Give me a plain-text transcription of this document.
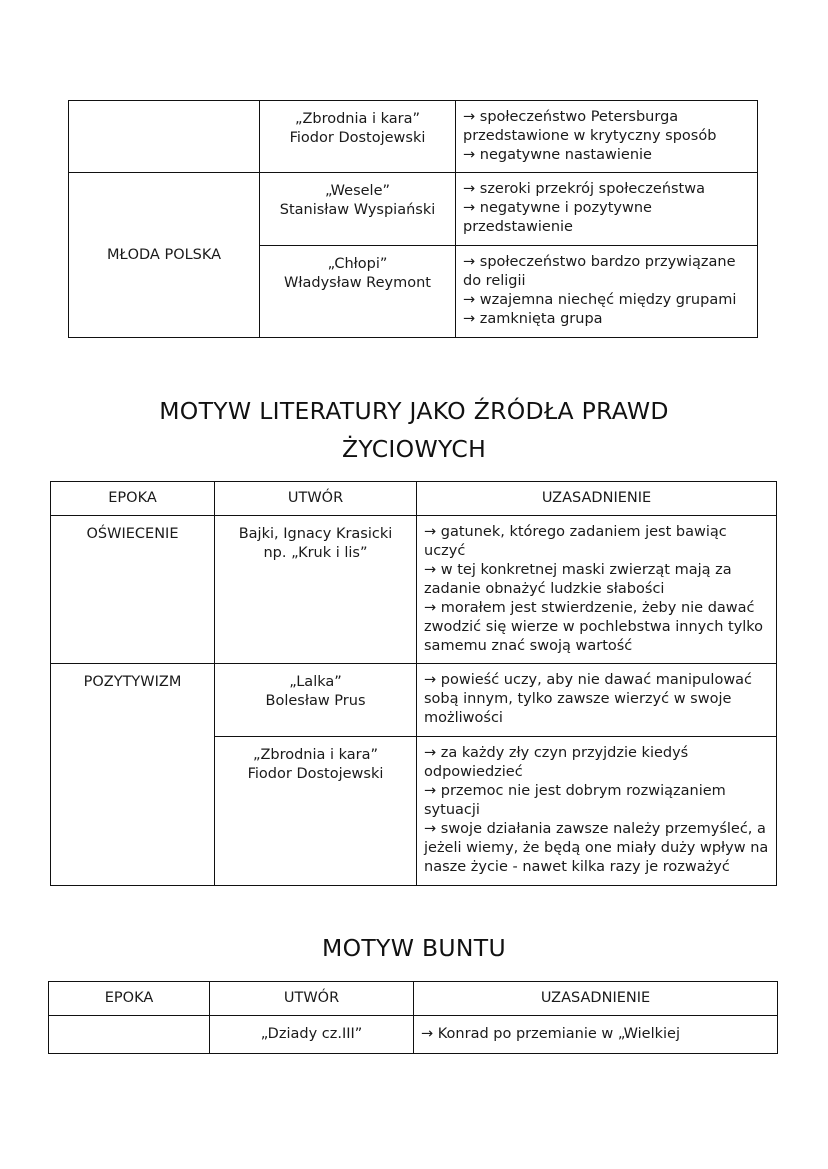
	„Zbrodnia i kara”
Fiodor Dostojewski	→ społeczeństwo Petersburga przedstawione w krytyczny sposób
→ negatywne nastawienie

MŁODA POLSKA	„Wesele”
Stanisław Wyspiański	→ szeroki przekrój społeczeństwa
→ negatywne i pozytywne przedstawienie

	„Chłopi”
Władysław Reymont	→ społeczeństwo bardzo przywiązane do religii
→ wzajemna niechęć między grupami
→ zamknięta grupa
MOTYW LITERATURY JAKO ŹRÓDŁA PRAWD
ŻYCIOWYCH
EPOKA	UTWÓR	UZASADNIENIE
OŚWIECENIE	Bajki, Ignacy Krasicki
np. „Kruk i lis”	→ gatunek, którego zadaniem jest bawiąc uczyć
→ w tej konkretnej maski zwierząt mają za zadanie obnażyć ludzkie słabości
→ morałem jest stwierdzenie, żeby nie dawać zwodzić się wierze w pochlebstwa innych tylko samemu znać swoją wartość

POZYTYWIZM	„Lalka”
Bolesław Prus	→ powieść uczy, aby nie dawać manipulować sobą innym, tylko zawsze wierzyć w swoje możliwości

	„Zbrodnia i kara”
Fiodor Dostojewski	→ za każdy zły czyn przyjdzie kiedyś odpowiedzieć
→ przemoc nie jest dobrym rozwiązaniem sytuacji
→ swoje działania zawsze należy przemyśleć, a jeżeli wiemy, że będą one miały duży wpływ na nasze życie - nawet kilka razy je rozważyć
MOTYW BUNTU
EPOKA	UTWÓR	UZASADNIENIE
	„Dziady cz.III”	→ Konrad po przemianie w „Wielkiej
